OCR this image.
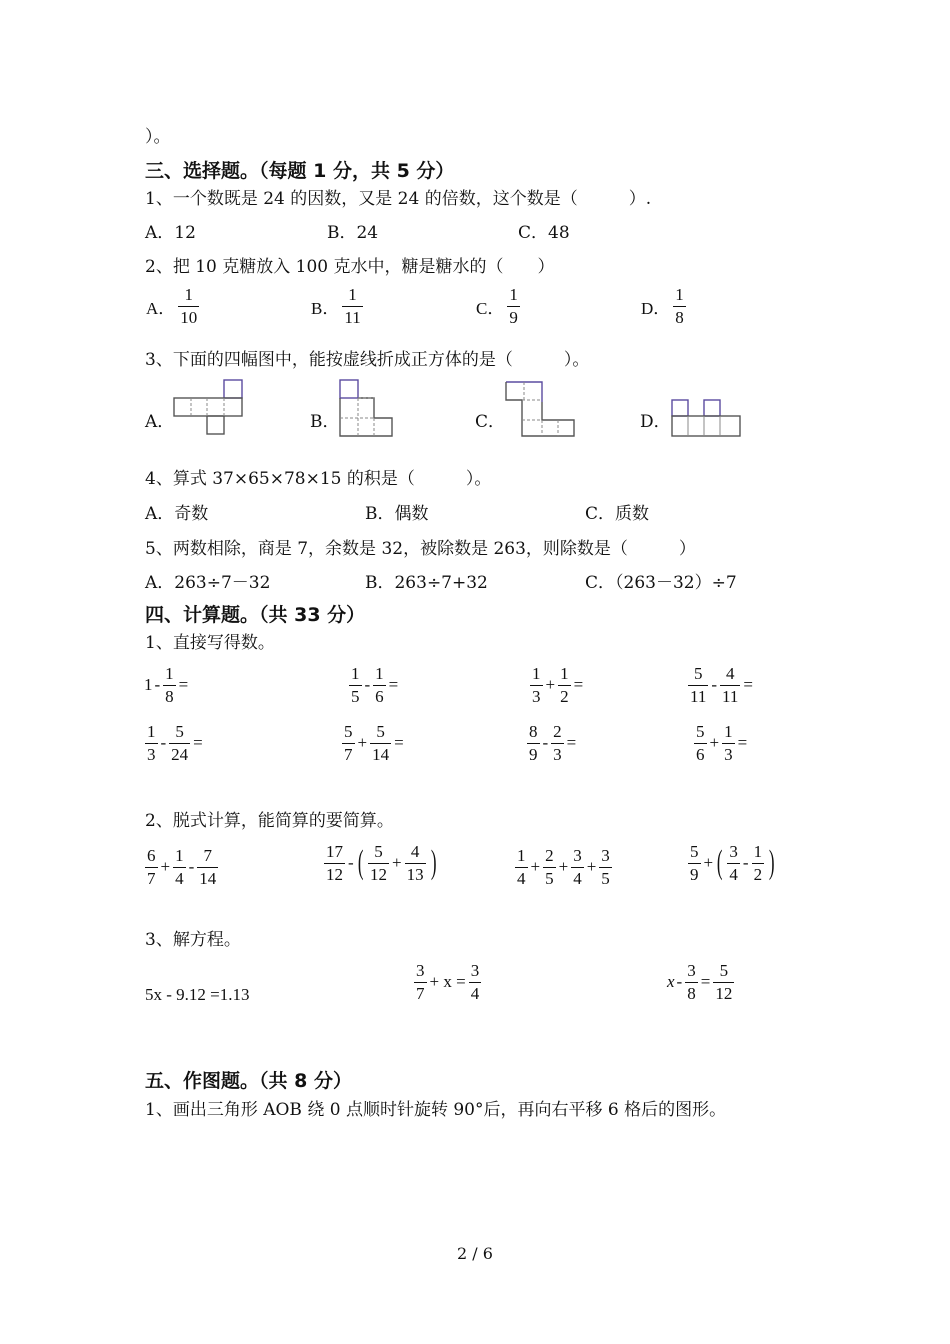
）。
三、选择题。（每题 1 分，共 5 分）
1、一个数既是 24 的因数，又是 24 的倍数，这个数是（　　　）.
A．12	B．24	C．48
2、把 10 克糖放入 100 克水中，糖是糖水的（　　）
A． $\frac{1}{10}$	B． $\frac{1}{11}$	C． $\frac{1}{9}$	D． $\frac{1}{8}$
3、下面的四幅图中，能按虚线折成正方体的是（　　　）。
A．	B．	C．	D．
4、算式 37×65×78×15 的积是（　　　）。
A．奇数	B．偶数	C．质数
5、两数相除，商是 7，余数是 32，被除数是 263，则除数是（　　　）
A．263÷7－32	B．263÷7+32	C．（263－32）÷7
四、计算题。（共 33 分）
1、直接写得数。
$1 - \frac{1}{8}$ =	$\frac{1}{5} - \frac{1}{6}$ =	$\frac{1}{3} + \frac{1}{2}$ =	$\frac{5}{11} - \frac{4}{11}$ =
$\frac{1}{3} - \frac{5}{24}$ =	$\frac{5}{7} + \frac{5}{14}$ =	$\frac{8}{9} - \frac{2}{3}$ =	$\frac{5}{6} + \frac{1}{3}$ =
2、脱式计算，能简算的要简算。
$\frac{6}{7} + \frac{1}{4} - \frac{7}{14}$	$\frac{17}{12}$ - ( $\frac{5}{12} + \frac{4}{13}$ )	$\frac{1}{4} + \frac{2}{5} + \frac{3}{4} + \frac{3}{5}$	$\frac{5}{9}$ + ( $\frac{3}{4} - \frac{1}{2}$ )
3、解方程。
5x - 9.12 =1.13	$\frac{3}{7} + x = \frac{3}{4}$	$x - \frac{3}{8} = \frac{5}{12}$
五、作图题。（共 8 分）
1、画出三角形 AOB 绕 0 点顺时针旋转 90°后，再向右平移 6 格后的图形。
2 / 6
